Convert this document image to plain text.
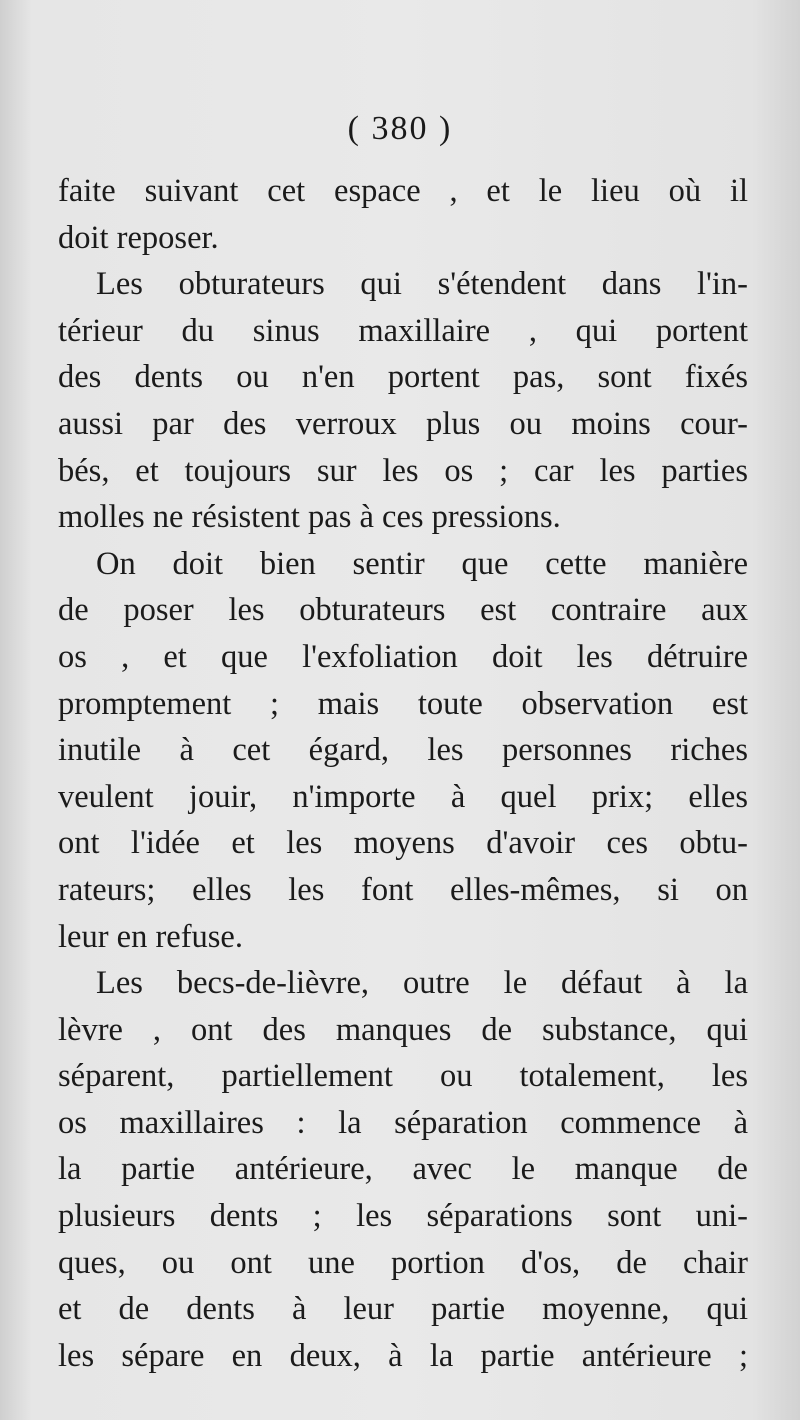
( 380 )
faite suivant cet espace , et le lieu où il
doit reposer.
Les obturateurs qui s'étendent dans l'in-
térieur du sinus maxillaire , qui portent
des dents ou n'en portent pas, sont fixés
aussi par des verroux plus ou moins cour-
bés, et toujours sur les os ; car les parties
molles ne résistent pas à ces pressions.
On doit bien sentir que cette manière
de poser les obturateurs est contraire aux
os , et que l'exfoliation doit les détruire
promptement ; mais toute observation est
inutile à cet égard, les personnes riches
veulent jouir, n'importe à quel prix; elles
ont l'idée et les moyens d'avoir ces obtu-
rateurs; elles les font elles-mêmes, si on
leur en refuse.
Les becs-de-lièvre, outre le défaut à la
lèvre , ont des manques de substance, qui
séparent, partiellement ou totalement, les
os maxillaires : la séparation commence à
la partie antérieure, avec le manque de
plusieurs dents ; les séparations sont uni-
ques, ou ont une portion d'os, de chair
et de dents à leur partie moyenne, qui
les sépare en deux, à la partie antérieure ;
